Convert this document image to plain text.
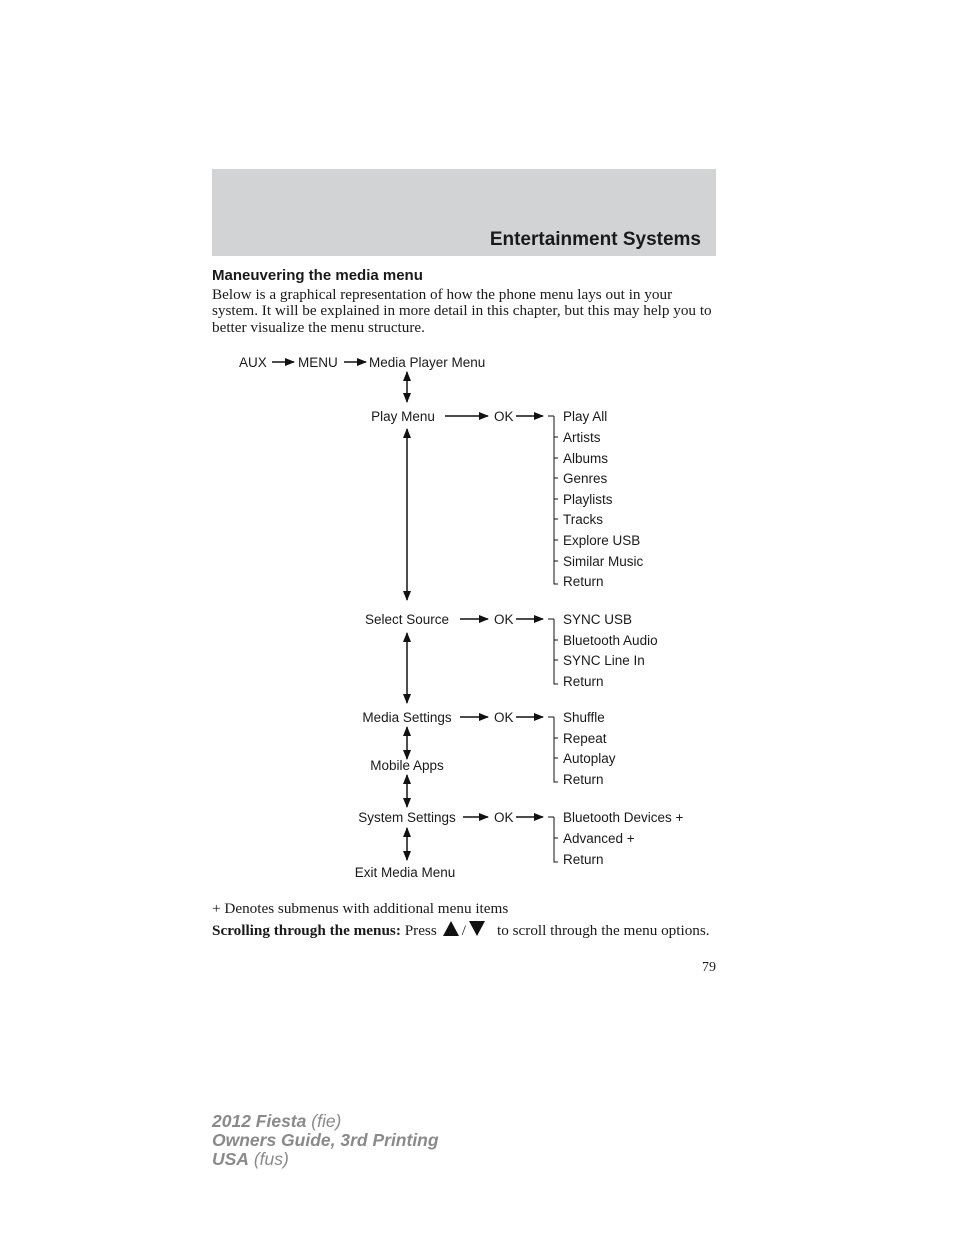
Entertainment Systems
Maneuvering the media menu

Below is a graphical representation of how the phone menu lays out in your system. It will be explained in more detail in this chapter, but this may help you to better visualize the menu structure.

AUX MENU Media Player Menu
Play Menu	OK	Play All
Artists
Albums
Genres
Playlists
Tracks
Explore USB
Similar Music
Return
Select Source	OK	SYNC USB
Bluetooth Audio
SYNC Line In
Return
Media Settings	OK	Shuffle
Repeat
Autoplay
Return
Mobile Apps
System Settings	OK	Bluetooth Devices +
Advanced +
Return
Exit Media Menu

+ Denotes submenus with additional menu items

Scrolling through the menus: Press / to scroll through the menu options.

79
2012 Fiesta (fie)
Owners Guide, 3rd Printing
USA (fus)
